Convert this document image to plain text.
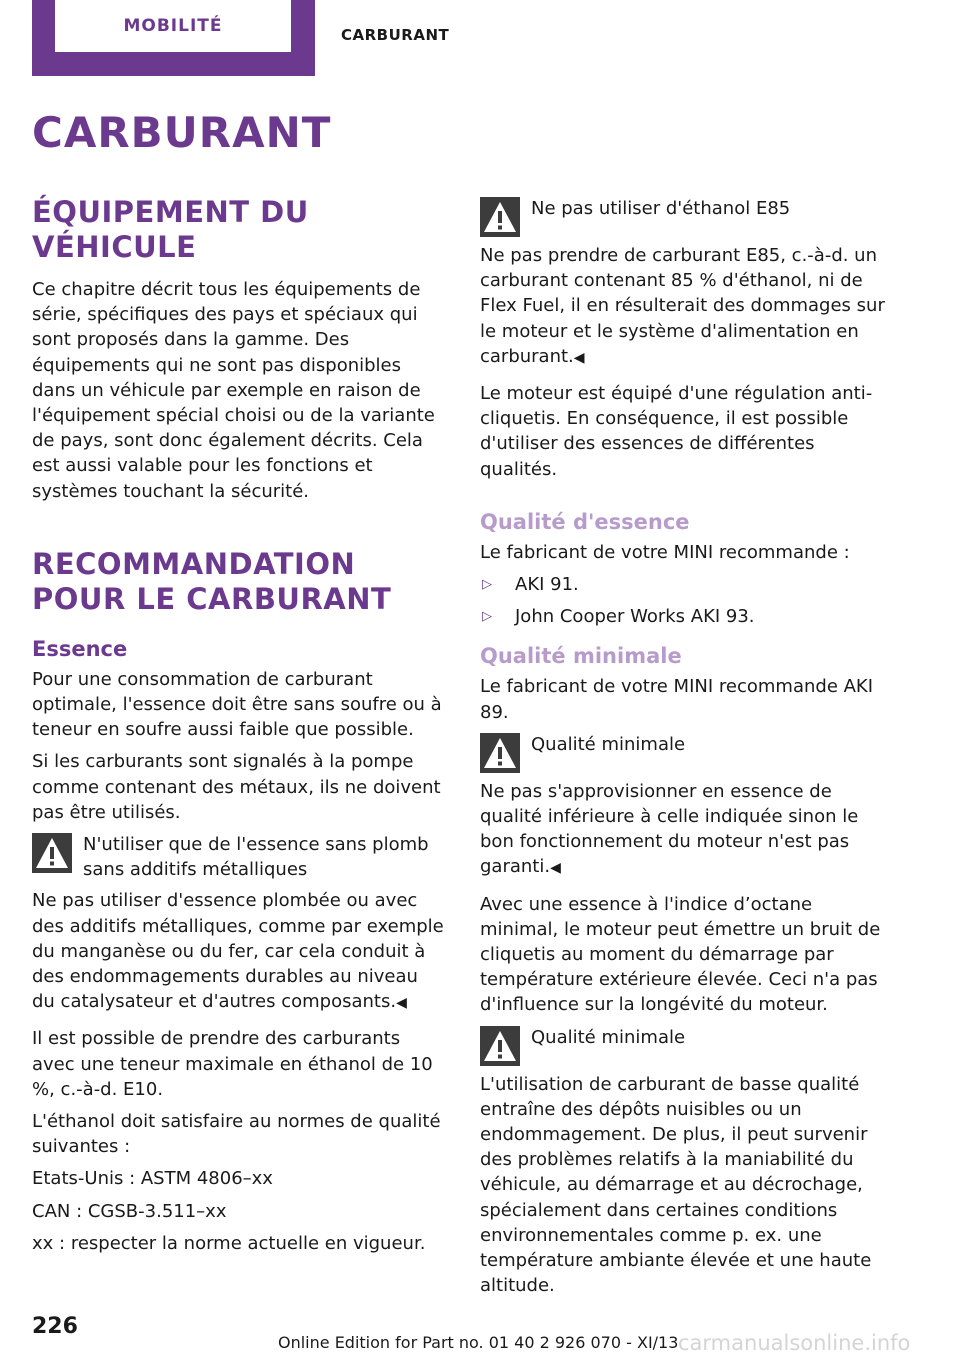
MOBILITÉ	CARBURANT
CARBURANT
ÉQUIPEMENT DU VÉHICULE

Ce chapitre décrit tous les équipements de série, spécifiques des pays et spéciaux qui sont proposés dans la gamme. Des équipements qui ne sont pas disponibles dans un véhicule par exemple en raison de l'équipement spécial choisi ou de la variante de pays, sont donc également décrits. Cela est aussi valable pour les fonctions et systèmes touchant la sécurité.

RECOMMANDATION POUR LE CARBURANT
Essence

Pour une consommation de carburant optimale, l'essence doit être sans soufre ou à teneur en soufre aussi faible que possible.

Si les carburants sont signalés à la pompe comme contenant des métaux, ils ne doivent pas être utilisés.

N'utiliser que de l'essence sans plomb sans additifs métalliques
Ne pas utiliser d'essence plombée ou avec des additifs métalliques, comme par exemple du manganèse ou du fer, car cela conduit à des endommagements durables au niveau du catalysateur et d'autres composants.◀

Il est possible de prendre des carburants avec une teneur maximale en éthanol de 10 %, c.-à-d. E10.

L'éthanol doit satisfaire au normes de qualité suivantes :

Etats-Unis : ASTM 4806–xx

CAN : CGSB-3.511–xx

xx : respecter la norme actuelle en vigueur.

Ne pas utiliser d'éthanol E85
Ne pas prendre de carburant E85, c.-à-d. un carburant contenant 85 % d'éthanol, ni de Flex Fuel, il en résulterait des dommages sur le moteur et le système d'alimentation en carburant.◀

Le moteur est équipé d'une régulation anti-cliquetis. En conséquence, il est possible d'utiliser des essences de différentes qualités.

Qualité d'essence

Le fabricant de votre MINI recommande :

▷	AKI 91.
▷	John Cooper Works AKI 93.
Qualité minimale

Le fabricant de votre MINI recommande AKI 89.

Qualité minimale
Ne pas s'approvisionner en essence de qualité inférieure à celle indiquée sinon le bon fonctionnement du moteur n'est pas garanti.◀

Avec une essence à l'indice d’octane minimal, le moteur peut émettre un bruit de cliquetis au moment du démarrage par température extérieure élevée. Ceci n'a pas d'influence sur la longévité du moteur.

Qualité minimale
L'utilisation de carburant de basse qualité entraîne des dépôts nuisibles ou un endommagement. De plus, il peut survenir des problèmes relatifs à la maniabilité du véhicule, au démarrage et au décrochage, spécialement dans certaines conditions environnementales comme p. ex. une température ambiante élevée et une haute altitude.
226
Online Edition for Part no. 01 40 2 926 070 - XI/13 carmanualsonline.info
